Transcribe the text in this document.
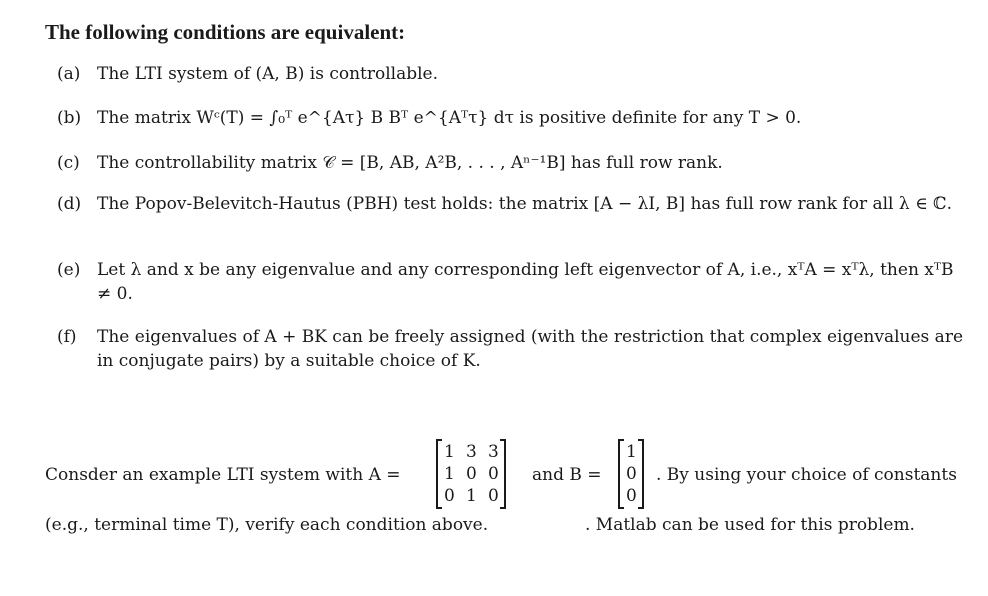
The following conditions are equivalent:
(a) The LTI system of (A, B) is controllable.
(b) The matrix Wᶜ(T) = ∫₀ᵀ e^{Aτ} B Bᵀ e^{Aᵀτ} dτ is positive definite for any T > 0.
(c)	The controllability matrix 𝒞 = [B, AB, A²B, . . . , Aⁿ⁻¹B] has full row rank.
(d) The Popov-Belevitch-Hautus (PBH) test holds: the matrix [A − λI, B] has full row rank for all λ ∈ ℂ.
(e) Let λ and x be any eigenvalue and any corresponding left eigenvector of A, i.e., xᵀA = xᵀλ, then xᵀB ≠ 0.
(f)	The eigenvalues of A + BK can be freely assigned (with the restriction that complex eigenvalues are in conjugate pairs) by a suitable choice of K.
Consder an example LTI system with A =
1 3 3
1 0 0
0 1 0
and B =
1
0
0
. By using your choice of constants
(e.g., terminal time T), verify each condition above.	. Matlab can be used for this problem.
